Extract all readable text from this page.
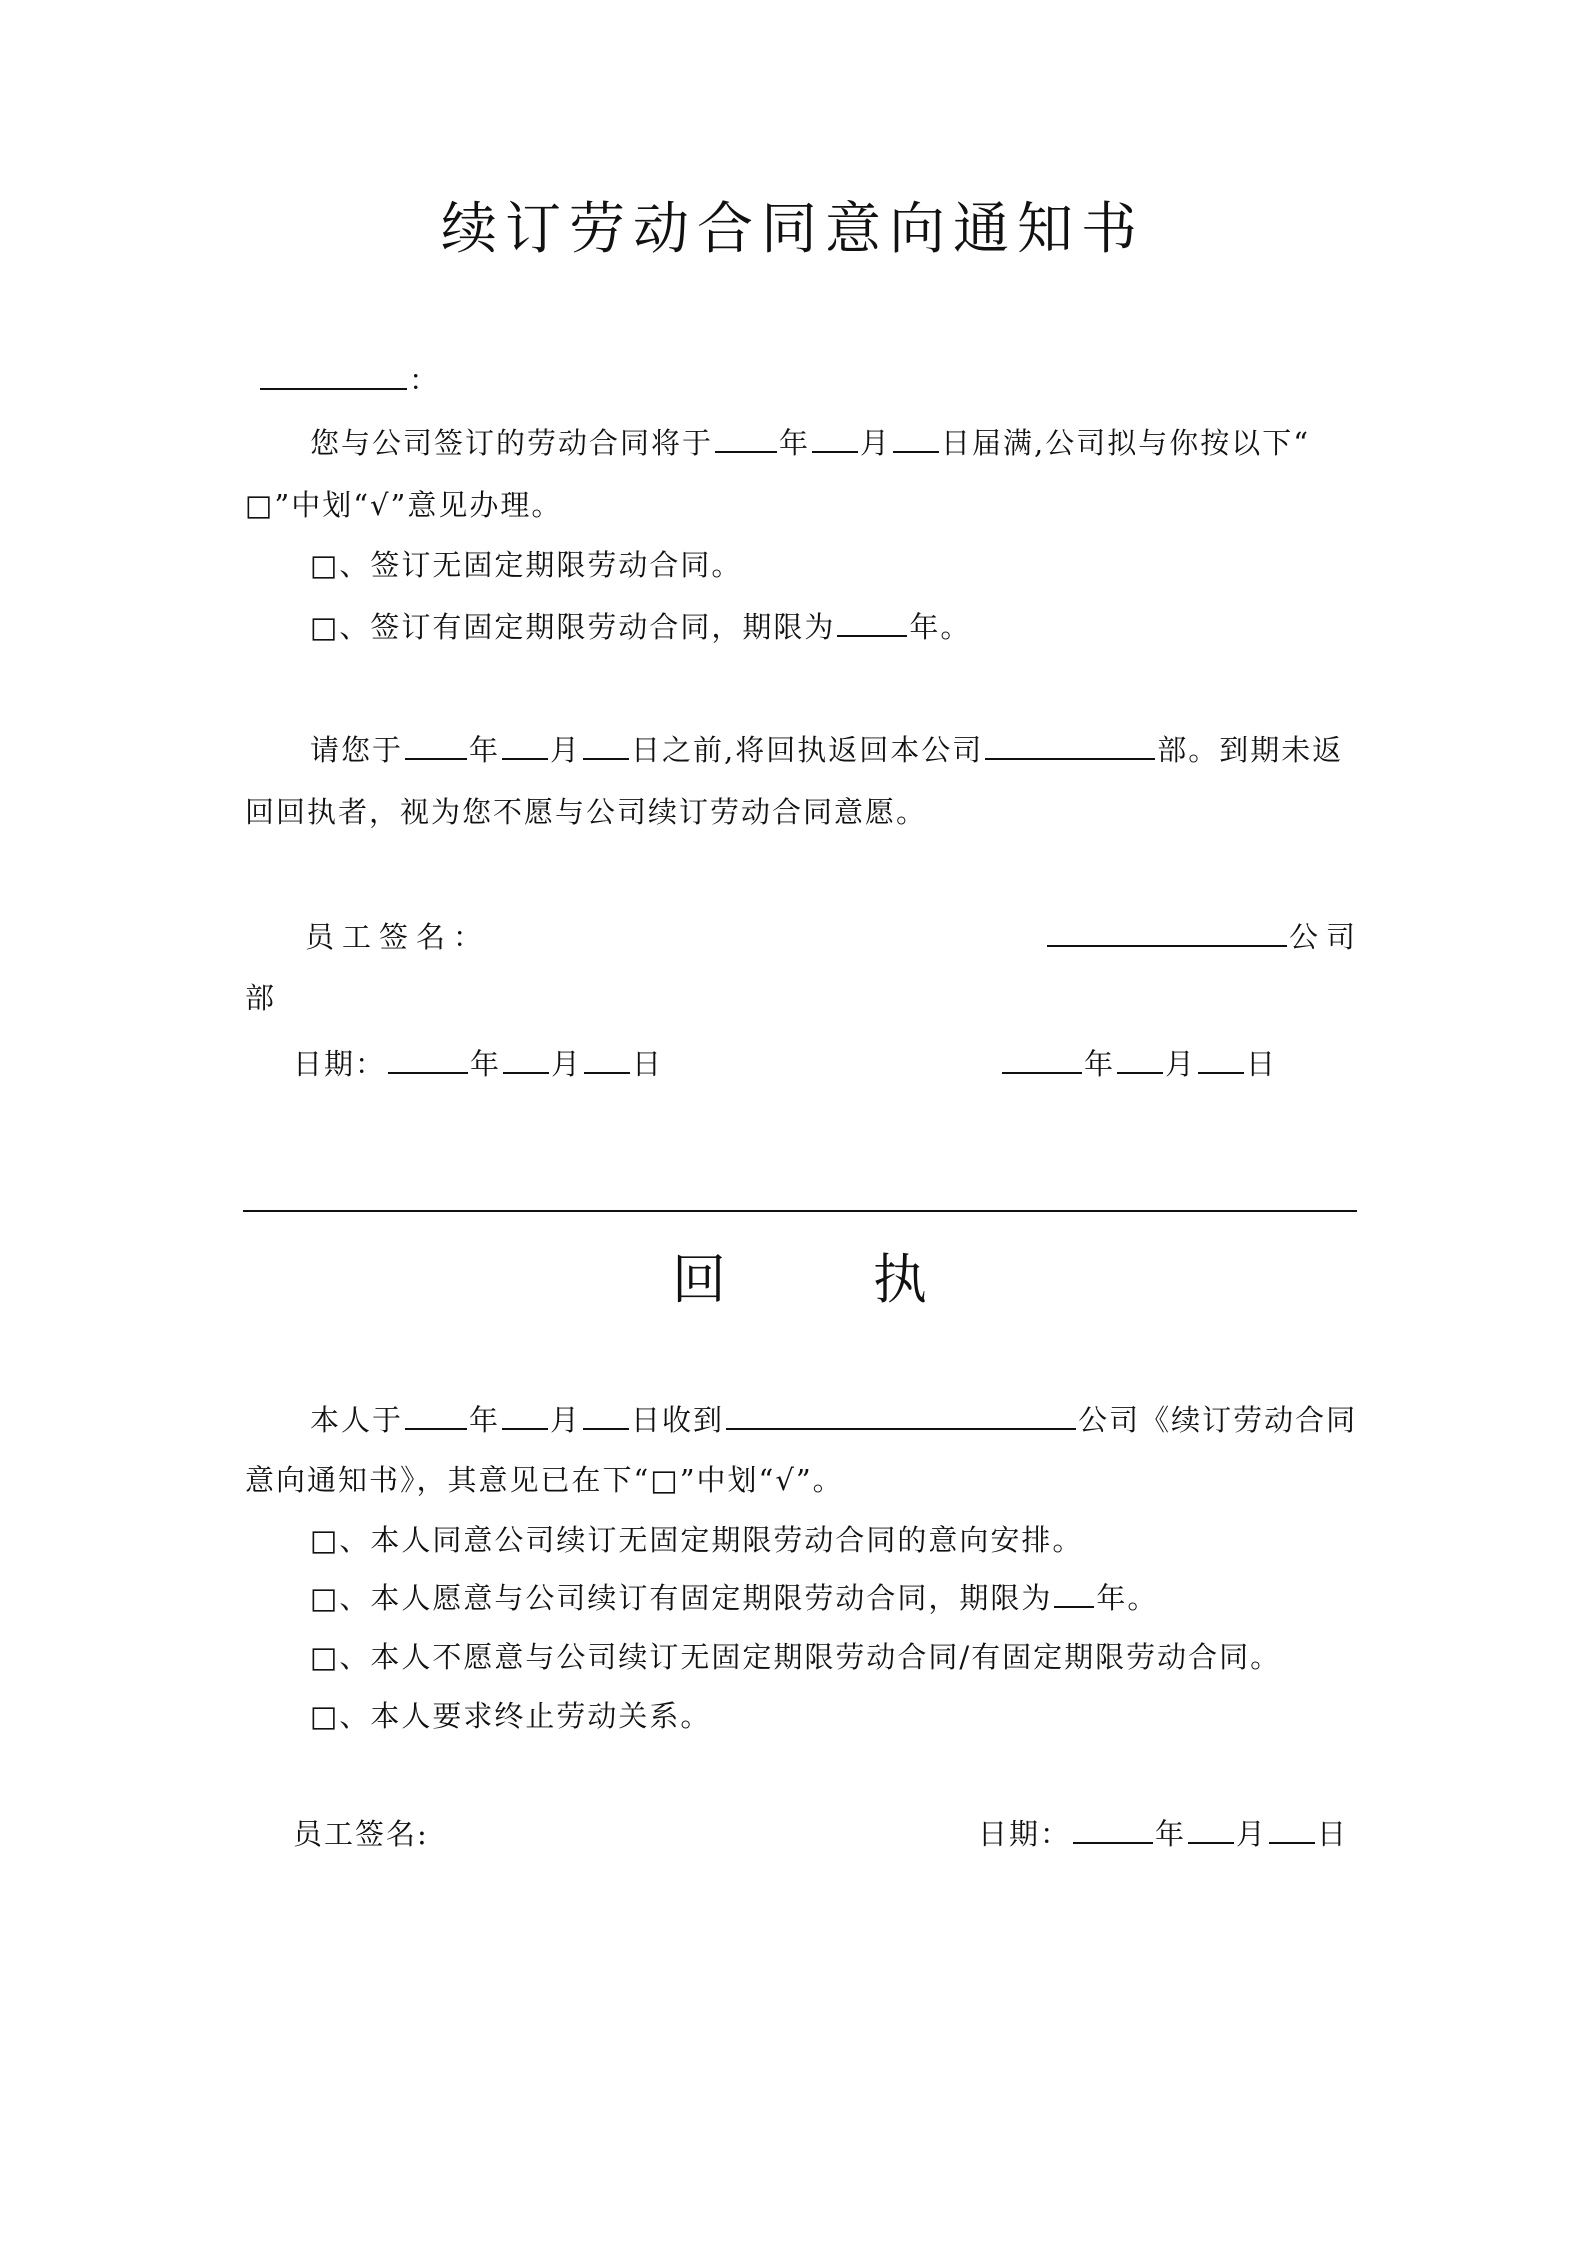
续订劳动合同意向通知书
：
您与公司签订的劳动合同将于 年 月 日届满,公司拟与你按以下“
□”中划“√”意见办理。
□、签订无固定期限劳动合同。
□、签订有固定期限劳动合同，期限为	年。
请您于 年 月 日之前,将回执返回本公司	部。到期未返
回回执者，视为您不愿与公司续订劳动合同意愿。
员工签名：	公司
部
日期：	年 月 日	年 月 日
回	执
本人于 年 月 日收到	公司《续订劳动合同
意向通知书》，其意见已在下“□”中划“√”。
□、本人同意公司续订无固定期限劳动合同的意向安排。
□、本人愿意与公司续订有固定期限劳动合同，期限为 年。
□、本人不愿意与公司续订无固定期限劳动合同/有固定期限劳动合同。
□、本人要求终止劳动关系。
员工签名:	日期：	年 月 日
